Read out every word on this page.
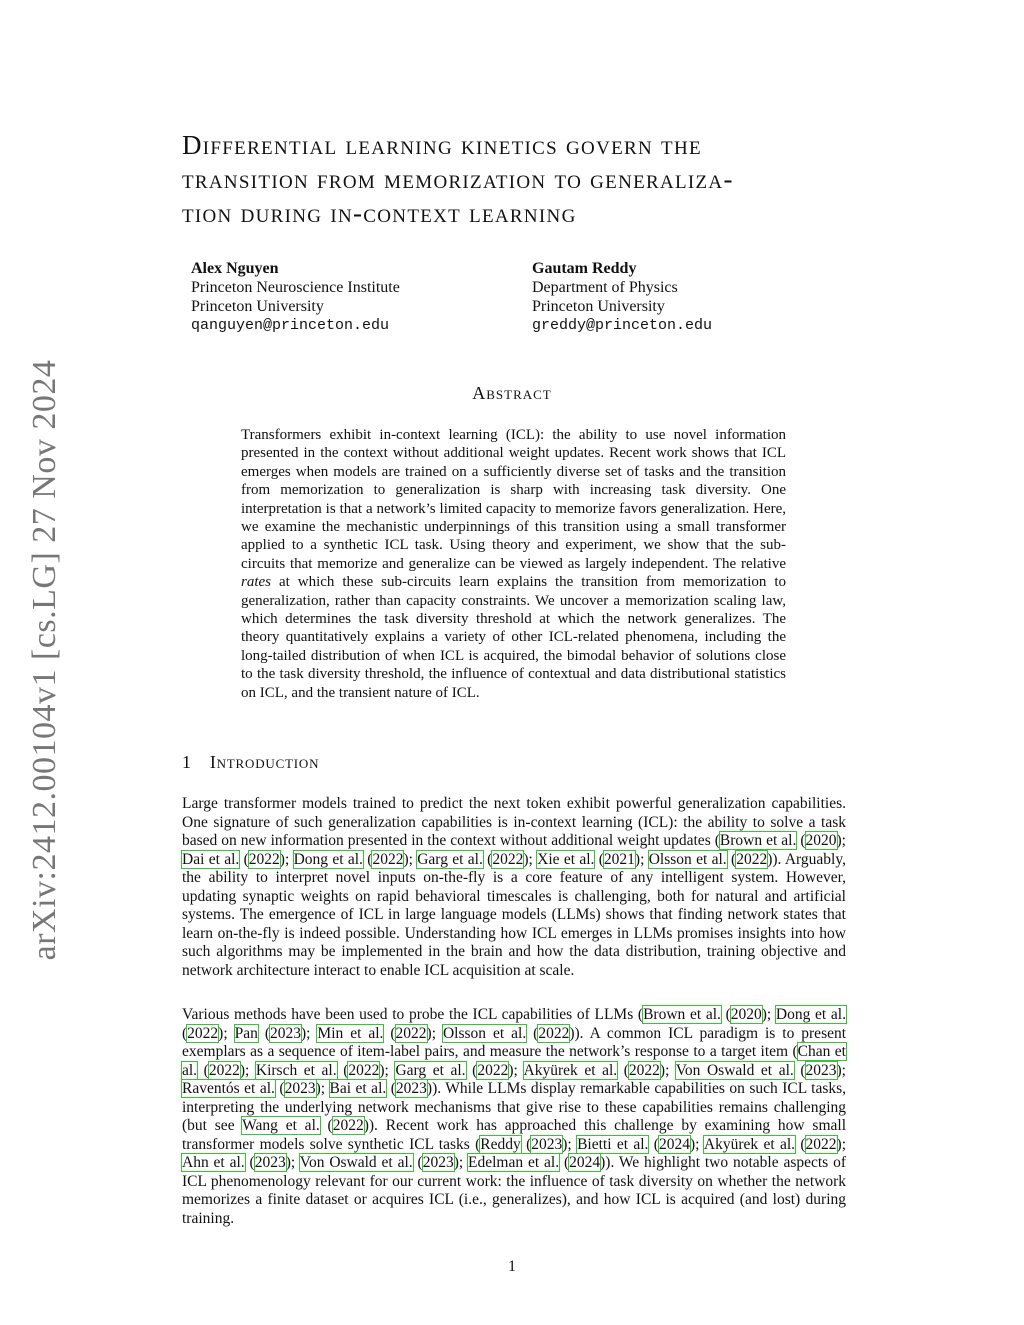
arXiv:2412.00104v1 [cs.LG] 27 Nov 2024
Differential learning kinetics govern the
transition from memorization to generaliza-
tion during in-context learning
Alex Nguyen
Princeton Neuroscience Institute
Princeton University
qanguyen@princeton.edu
Gautam Reddy
Department of Physics
Princeton University
greddy@princeton.edu
Abstract
Transformers exhibit in-context learning (ICL): the ability to use novel information presented in the context without additional weight updates. Recent work shows that ICL emerges when models are trained on a sufficiently diverse set of tasks and the transition from memorization to generalization is sharp with increasing task diversity. One interpretation is that a network’s limited capacity to memorize favors generalization. Here, we examine the mechanistic underpinnings of this transition using a small transformer applied to a synthetic ICL task. Using theory and experiment, we show that the sub-circuits that memorize and generalize can be viewed as largely independent. The relative rates at which these sub-circuits learn explains the transition from memorization to generalization, rather than capacity constraints. We uncover a memorization scaling law, which determines the task diversity threshold at which the network generalizes. The theory quantitatively explains a variety of other ICL-related phenomena, including the long-tailed distribution of when ICL is acquired, the bimodal behavior of solutions close to the task diversity threshold, the influence of contextual and data distributional statistics on ICL, and the transient nature of ICL.
1 Introduction

Large transformer models trained to predict the next token exhibit powerful generalization capabilities. One signature of such generalization capabilities is in-context learning (ICL): the ability to solve a task based on new information presented in the context without additional weight updates (Brown et al. (2020); Dai et al. (2022); Dong et al. (2022); Garg et al. (2022); Xie et al. (2021); Olsson et al. (2022)). Arguably, the ability to interpret novel inputs on-the-fly is a core feature of any intelligent system. However, updating synaptic weights on rapid behavioral timescales is challenging, both for natural and artificial systems. The emergence of ICL in large language models (LLMs) shows that finding network states that learn on-the-fly is indeed possible. Understanding how ICL emerges in LLMs promises insights into how such algorithms may be implemented in the brain and how the data distribution, training objective and network architecture interact to enable ICL acquisition at scale.

Various methods have been used to probe the ICL capabilities of LLMs (Brown et al. (2020); Dong et al. (2022); Pan (2023); Min et al. (2022); Olsson et al. (2022)). A common ICL paradigm is to present exemplars as a sequence of item-label pairs, and measure the network’s response to a target item (Chan et al. (2022); Kirsch et al. (2022); Garg et al. (2022); Akyürek et al. (2022); Von Oswald et al. (2023); Raventós et al. (2023); Bai et al. (2023)). While LLMs display remarkable capabilities on such ICL tasks, interpreting the underlying network mechanisms that give rise to these capabilities remains challenging (but see Wang et al. (2022)). Recent work has approached this challenge by examining how small transformer models solve synthetic ICL tasks (Reddy (2023); Bietti et al. (2024); Akyürek et al. (2022); Ahn et al. (2023); Von Oswald et al. (2023); Edelman et al. (2024)). We highlight two notable aspects of ICL phenomenology relevant for our current work: the influence of task diversity on whether the network memorizes a finite dataset or acquires ICL (i.e., generalizes), and how ICL is acquired (and lost) during training.

1
